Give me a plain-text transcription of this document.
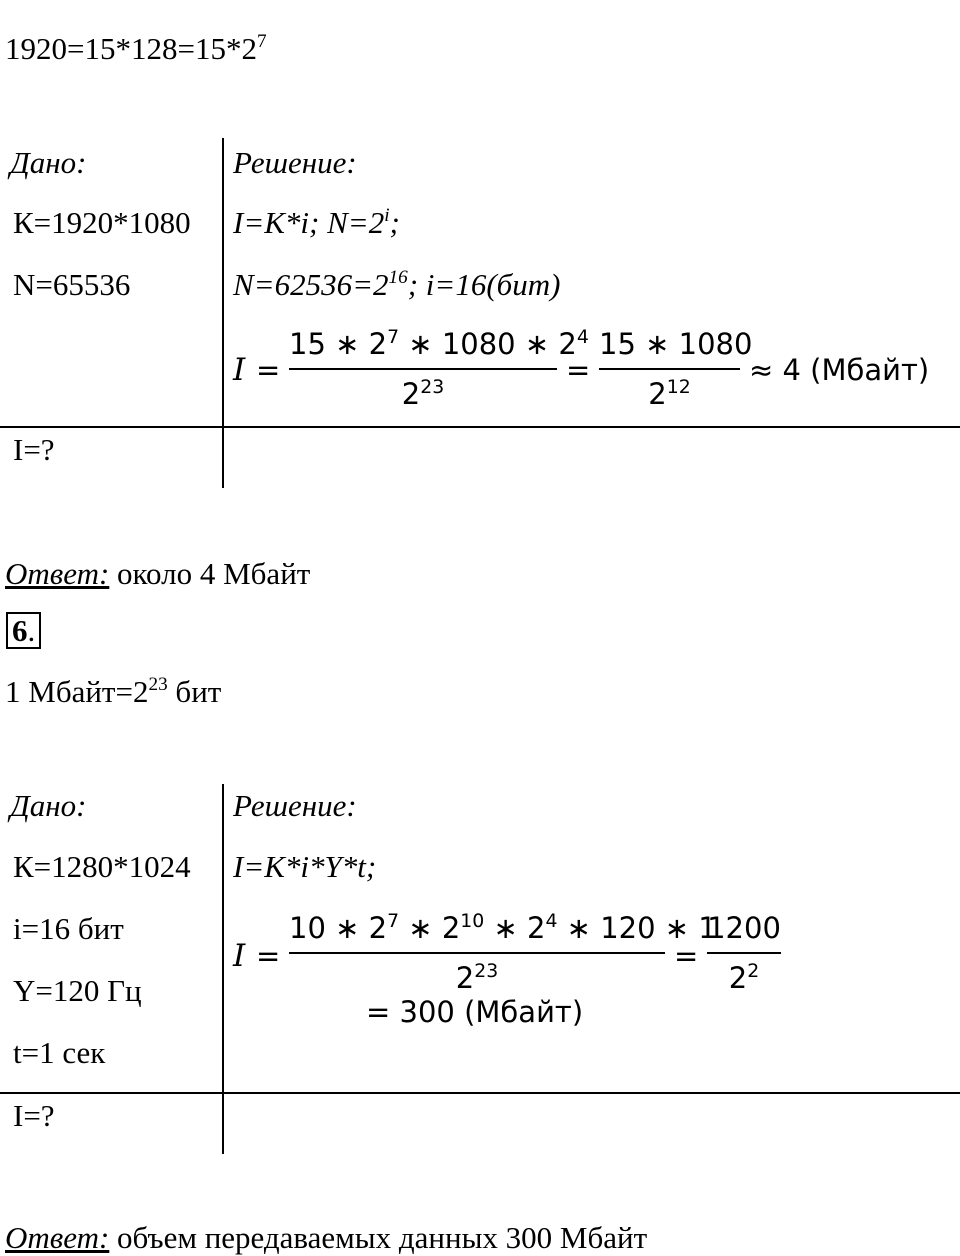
$1920=15*128=15*2^7$
Дано:
К=1920*1080
N=65536
I=?
Решение:
I=K*i; $N=2^i$;
$N=62536=2^{16}$; i=16(бит)
I =
15 ∗ $2^7$ ∗ 1080 ∗ $2^4$
$2^{23}$
=
15 ∗ 1080
$2^{12}$
≈ 4 (Мбайт)
Ответ: около 4 Мбайт
6.
1 $Мбайт=2^{23}$ бит
Дано:
К=1280*1024
i=16 бит
Y=120 Гц
t=1 сек
I=?
Решение:
I=K*i*Y*t;
I =
10 ∗ $2^7$ ∗ $2^{10}$ ∗ $2^4$ ∗ 120 ∗ 1
$2^{23}$	=
1200
$2^2$
= 300 (Мбайт)
Ответ: объем передаваемых данных 300 Мбайт
